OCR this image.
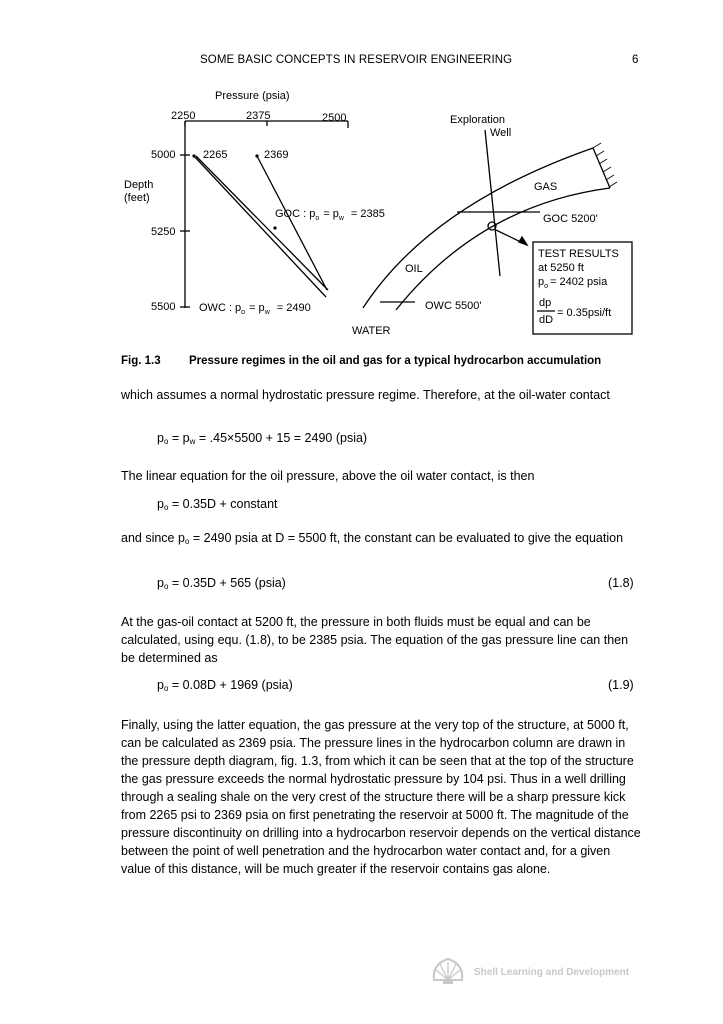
SOME BASIC CONCEPTS IN RESERVOIR ENGINEERING	6
Pressure (psia)
2250	2375	2500
5000
5250
5500
Depth
(feet)
2265	2369
GOC : $p_o = p_w = 2385$
OWC : $p_o = p_w = 2490$
Exploration
Well
GAS
GOC 5200'
OIL
OWC 5500'
WATER
TEST RESULTS
at 5250 ft
$p_o = 2402$ psia
dp
dD
= 0.35psi/ft
Fig. 1.3 Pressure regimes in the oil and gas for a typical hydrocarbon accumulation

which assumes a normal hydrostatic pressure regime. Therefore, at the oil-water contact

$p_o = p_w = .45\times 5500 + 15 = 2490$ (psia)

The linear equation for the oil pressure, above the oil water contact, is then

$p_o = 0.35D$ + constant

and since $p_o = 2490$ psia at D = 5500 ft, the constant can be evaluated to give the equation

$p_o = 0.35D + 565$ (psia)	(1.8)

At the gas-oil contact at 5200 ft, the pressure in both fluids must be equal and can be calculated, using equ. (1.8), to be 2385 psia. The equation of the gas pressure line can then be determined as

$p_o = 0.08D + 1969$ (psia)	(1.9)

Finally, using the latter equation, the gas pressure at the very top of the structure, at 5000 ft, can be calculated as 2369 psia. The pressure lines in the hydrocarbon column are drawn in the pressure depth diagram, fig. 1.3, from which it can be seen that at the top of the structure the gas pressure exceeds the normal hydrostatic pressure by 104 psi. Thus in a well drilling through a sealing shale on the very crest of the structure there will be a sharp pressure kick from 2265 psi to 2369 psia on first penetrating the reservoir at 5000 ft. The magnitude of the pressure discontinuity on drilling into a hydrocarbon reservoir depends on the vertical distance between the point of well penetration and the hydrocarbon water contact and, for a given value of this distance, will be much greater if the reservoir contains gas alone.

Shell Learning and Development
